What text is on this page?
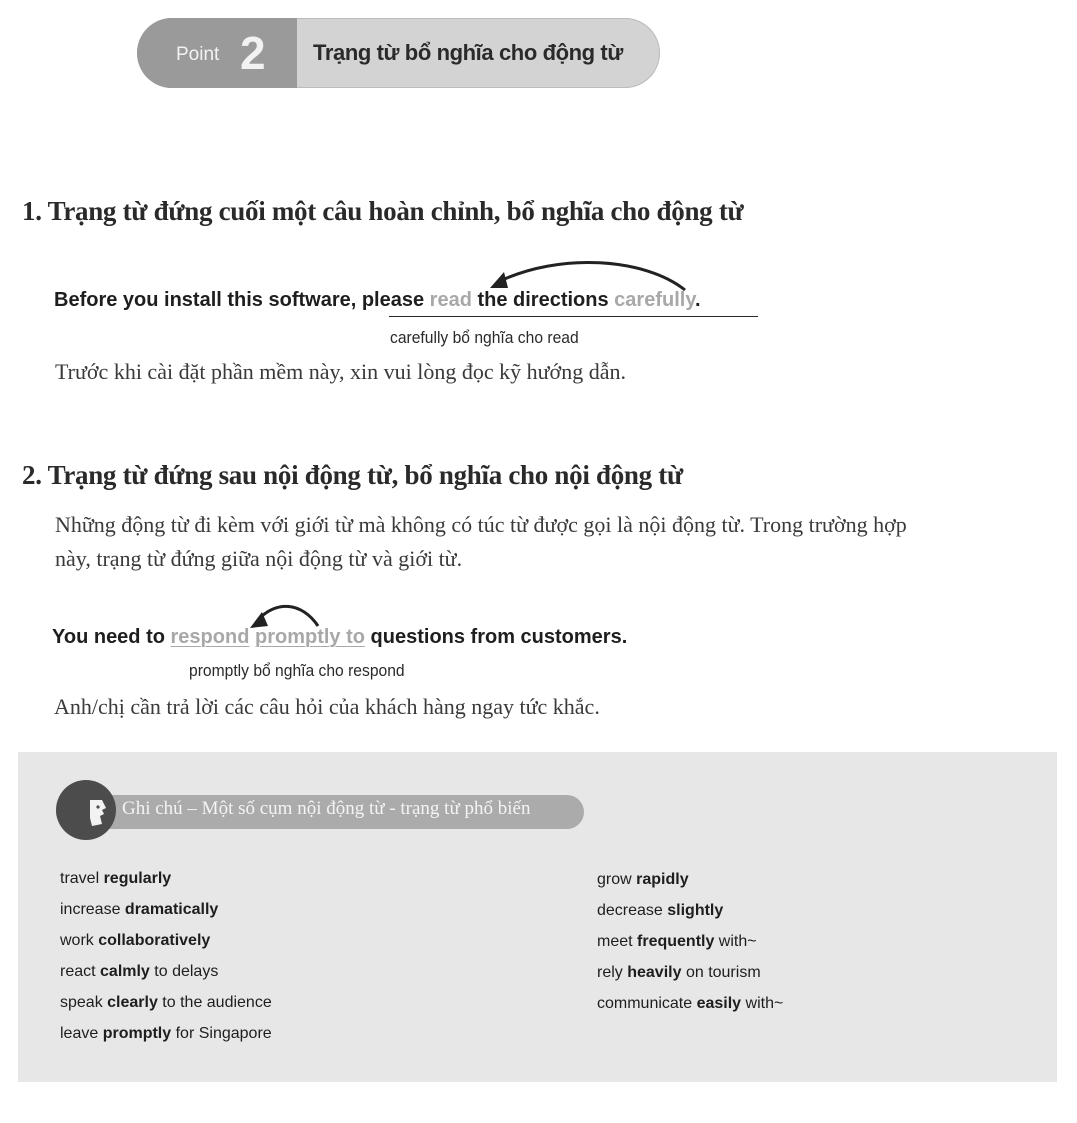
Point 2 Trạng từ bổ nghĩa cho động từ
1. Trạng từ đứng cuối một câu hoàn chỉnh, bổ nghĩa cho động từ
Before you install this software, please read the directions carefully.
carefully bổ nghĩa cho read
Trước khi cài đặt phần mềm này, xin vui lòng đọc kỹ hướng dẫn.
2. Trạng từ đứng sau nội động từ, bổ nghĩa cho nội động từ
Những động từ đi kèm với giới từ mà không có túc từ được gọi là nội động từ. Trong trường hợp
này, trạng từ đứng giữa nội động từ và giới từ.
You need to respond promptly to questions from customers.
promptly bổ nghĩa cho respond
Anh/chị cần trả lời các câu hỏi của khách hàng ngay tức khắc.
Ghi chú – Một số cụm nội động từ - trạng từ phổ biến
travel regularly
increase dramatically
work collaboratively
react calmly to delays
speak clearly to the audience
leave promptly for Singapore
grow rapidly
decrease slightly
meet frequently with~
rely heavily on tourism
communicate easily with~
